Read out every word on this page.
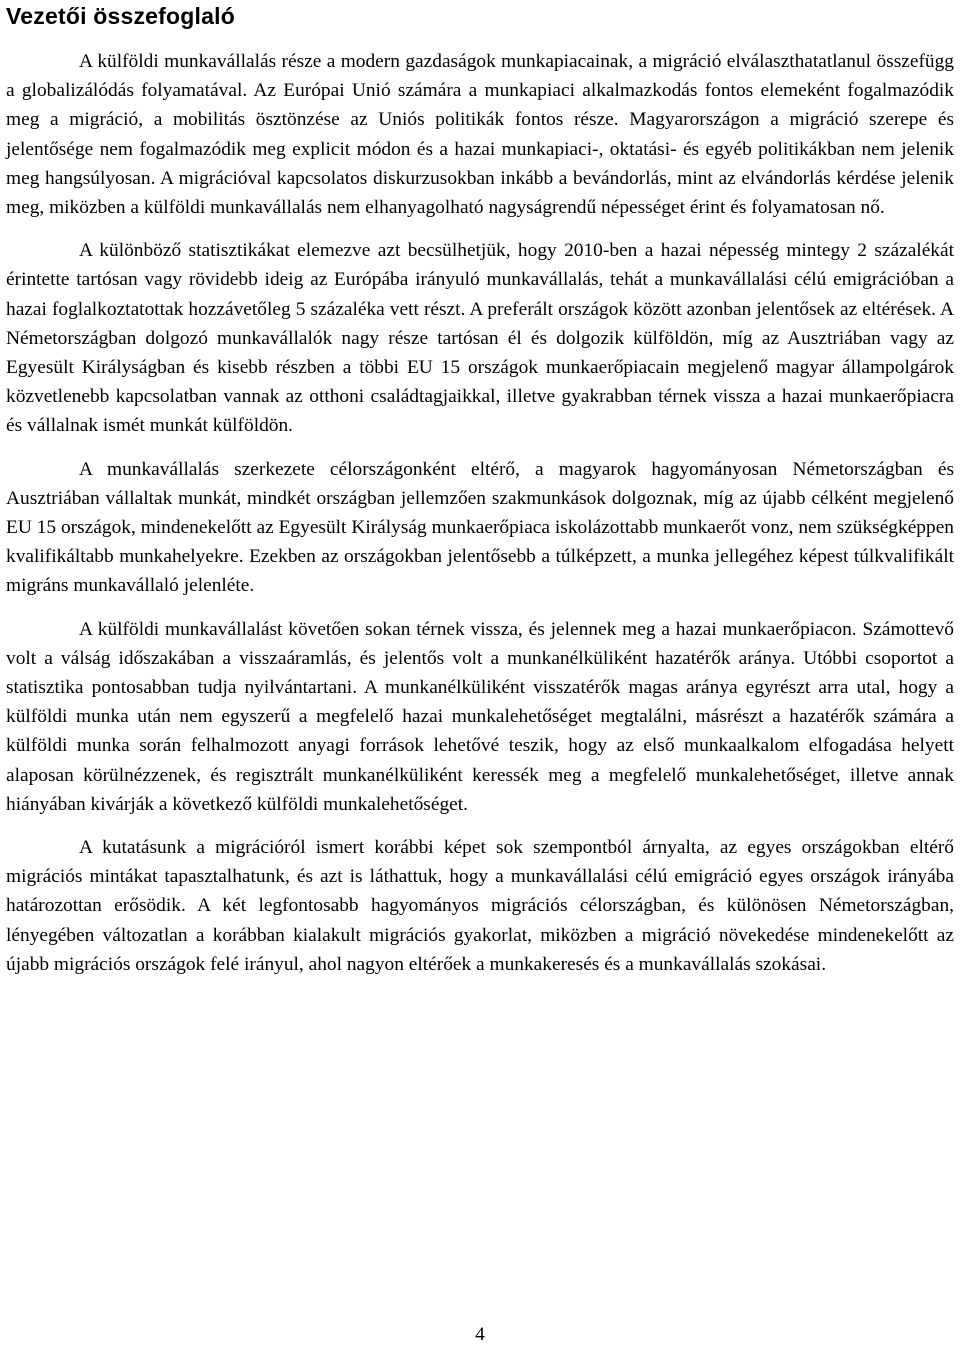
Vezetői összefoglaló

A külföldi munkavállalás része a modern gazdaságok munkapiacainak, a migráció elválaszthatatlanul összefügg a globalizálódás folyamatával. Az Európai Unió számára a munkapiaci alkalmazkodás fontos elemeként fogalmazódik meg a migráció, a mobilitás ösztönzése az Uniós politikák fontos része. Magyarországon a migráció szerepe és jelentősége nem fogalmazódik meg explicit módon és a hazai munkapiaci-, oktatási- és egyéb politikákban nem jelenik meg hangsúlyosan. A migrációval kapcsolatos diskurzusokban inkább a bevándorlás, mint az elvándorlás kérdése jelenik meg, miközben a külföldi munkavállalás nem elhanyagolható nagyságrendű népességet érint és folyamatosan nő.

A különböző statisztikákat elemezve azt becsülhetjük, hogy 2010-ben a hazai népesség mintegy 2 százalékát érintette tartósan vagy rövidebb ideig az Európába irányuló munkavállalás, tehát a munkavállalási célú emigrációban a hazai foglalkoztatottak hozzávetőleg 5 százaléka vett részt. A preferált országok között azonban jelentősek az eltérések. A Németországban dolgozó munkavállalók nagy része tartósan él és dolgozik külföldön, míg az Ausztriában vagy az Egyesült Királyságban és kisebb részben a többi EU 15 országok munkaerőpiacain megjelenő magyar állampolgárok közvetlenebb kapcsolatban vannak az otthoni családtagjaikkal, illetve gyakrabban térnek vissza a hazai munkaerőpiacra és vállalnak ismét munkát külföldön.

A munkavállalás szerkezete célországonként eltérő, a magyarok hagyományosan Németországban és Ausztriában vállaltak munkát, mindkét országban jellemzően szakmunkások dolgoznak, míg az újabb célként megjelenő EU 15 országok, mindenekelőtt az Egyesült Királyság munkaerőpiaca iskolázottabb munkaerőt vonz, nem szükségképpen kvalifikáltabb munkahelyekre. Ezekben az országokban jelentősebb a túlképzett, a munka jellegéhez képest túlkvalifikált migráns munkavállaló jelenléte.

A külföldi munkavállalást követően sokan térnek vissza, és jelennek meg a hazai munkaerőpiacon. Számottevő volt a válság időszakában a visszaáramlás, és jelentős volt a munkanélküliként hazatérők aránya. Utóbbi csoportot a statisztika pontosabban tudja nyilvántartani. A munkanélküliként visszatérők magas aránya egyrészt arra utal, hogy a külföldi munka után nem egyszerű a megfelelő hazai munkalehetőséget megtalálni, másrészt a hazatérők számára a külföldi munka során felhalmozott anyagi források lehetővé teszik, hogy az első munkaalkalom elfogadása helyett alaposan körülnézzenek, és regisztrált munkanélküliként keressék meg a megfelelő munkalehetőséget, illetve annak hiányában kivárják a következő külföldi munkalehetőséget.

A kutatásunk a migrációról ismert korábbi képet sok szempontból árnyalta, az egyes országokban eltérő migrációs mintákat tapasztalhatunk, és azt is láthattuk, hogy a munkavállalási célú emigráció egyes országok irányába határozottan erősödik. A két legfontosabb hagyományos migrációs célországban, és különösen Németországban, lényegében változatlan a korábban kialakult migrációs gyakorlat, miközben a migráció növekedése mindenekelőtt az újabb migrációs országok felé irányul, ahol nagyon eltérőek a munkakeresés és a munkavállalás szokásai.

4
